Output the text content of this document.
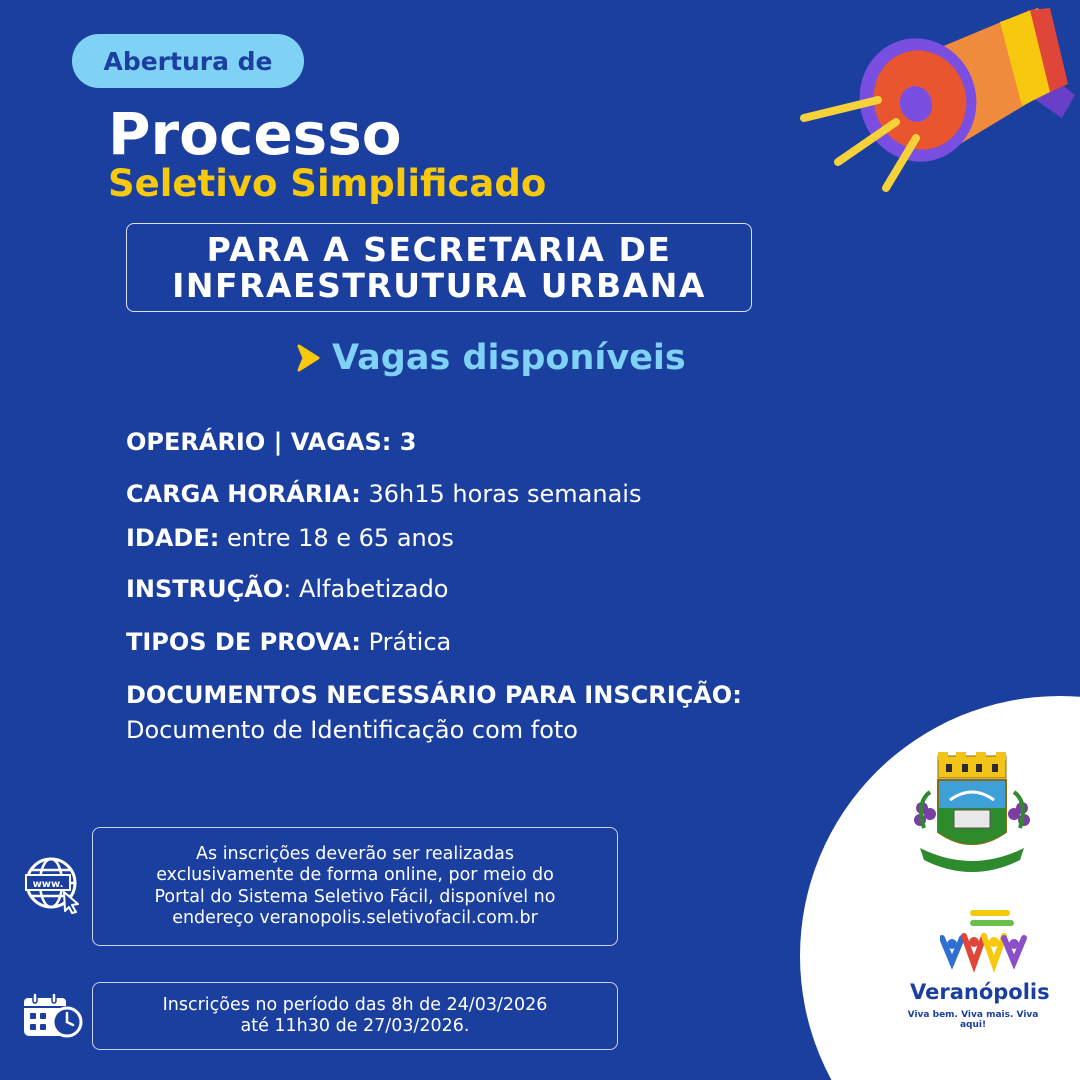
Abertura de
Processo
Seletivo Simplificado
PARA A SECRETARIA DE
INFRAESTRUTURA URBANA
Vagas disponíveis
OPERÁRIO | VAGAS: 3
CARGA HORÁRIA: 36h15 horas semanais
IDADE: entre 18 e 65 anos
INSTRUÇÃO: Alfabetizado
TIPOS DE PROVA: Prática
DOCUMENTOS NECESSÁRIO PARA INSCRIÇÃO:
Documento de Identificação com foto
www.
As inscrições deverão ser realizadas
exclusivamente de forma online, por meio do
Portal do Sistema Seletivo Fácil, disponível no
endereço veranopolis.seletivofacil.com.br
Inscrições no período das 8h de 24/03/2026
até 11h30 de 27/03/2026.
Veranópolis
Viva bem. Viva mais. Viva aqui!
